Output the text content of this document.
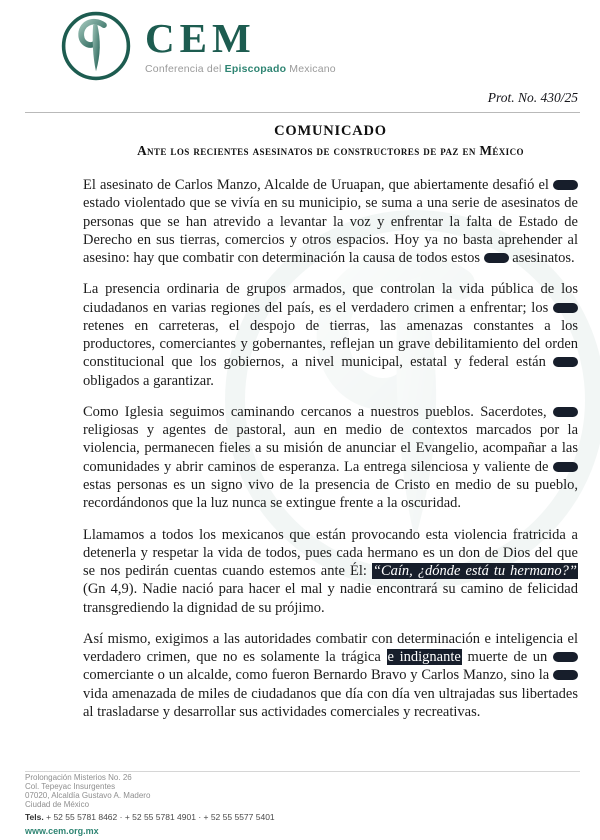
CEM
Conferencia del Episcopado Mexicano
Prot. No. 430/25
COMUNICADO
Ante los recientes asesinatos de constructores de paz en México

El asesinato de Carlos Manzo, Alcalde de Uruapan, que abiertamente desafió el  estado violentado que se vivía en su municipio, se suma a una serie de asesinatos de personas que se han atrevido a levantar la voz y enfrentar la falta de Estado de Derecho en sus tierras, comercios y otros espacios. Hoy ya no basta aprehender al asesino: hay que combatir con determinación la causa de todos estos  asesinatos.

La presencia ordinaria de grupos armados, que controlan la vida pública de los ciudadanos en varias regiones del país, es el verdadero crimen a enfrentar; los  retenes en carreteras, el despojo de tierras, las amenazas constantes a los productores, comerciantes y gobernantes, reflejan un grave debilitamiento del orden constitucional que los gobiernos, a nivel municipal, estatal y federal están  obligados a garantizar.

Como Iglesia seguimos caminando cercanos a nuestros pueblos. Sacerdotes,  religiosas y agentes de pastoral, aun en medio de contextos marcados por la violencia, permanecen fieles a su misión de anunciar el Evangelio, acompañar a las comunidades y abrir caminos de esperanza. La entrega silenciosa y valiente de  estas personas es un signo vivo de la presencia de Cristo en medio de su pueblo, recordándonos que la luz nunca se extingue frente a la oscuridad.

Llamamos a todos los mexicanos que están provocando esta violencia fratricida a detenerla y respetar la vida de todos, pues cada hermano es un don de Dios del que se nos pedirán cuentas cuando estemos ante Él: “Caín, ¿dónde está tu hermano?” (Gn 4,9). Nadie nació para hacer el mal y nadie encontrará su camino de felicidad transgrediendo la dignidad de su prójimo.

Así mismo, exigimos a las autoridades combatir con determinación e inteligencia el verdadero crimen, que no es solamente la trágica e indignante muerte de un  comerciante o un alcalde, como fueron Bernardo Bravo y Carlos Manzo, sino la  vida amenazada de miles de ciudadanos que día con día ven ultrajadas sus libertades al trasladarse y desarrollar sus actividades comerciales y recreativas.

Prolongación Misterios No. 26
Col. Tepeyac Insurgentes
07020, Alcaldía Gustavo A. Madero
Ciudad de México
Tels. + 52 55 5781 8462 · + 52 55 5781 4901 · + 52 55 5577 5401
www.cem.org.mx
